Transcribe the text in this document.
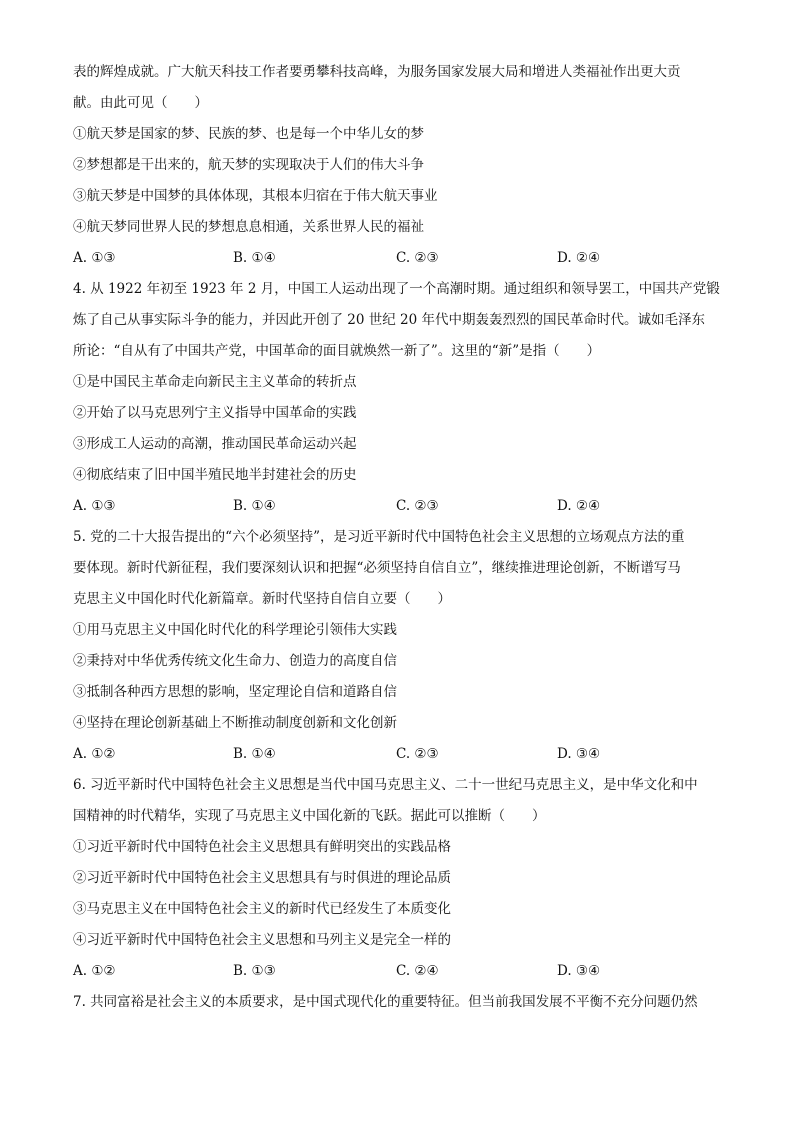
表的辉煌成就。广大航天科技工作者要勇攀科技高峰，为服务国家发展大局和增进人类福祉作出更大贡
献。由此可见（　　）
①航天梦是国家的梦、民族的梦、也是每一个中华儿女的梦
②梦想都是干出来的，航天梦的实现取决于人们的伟大斗争
③航天梦是中国梦的具体体现，其根本归宿在于伟大航天事业
④航天梦同世界人民的梦想息息相通，关系世界人民的福祉
A. ①③	B. ①④	C. ②③	D. ②④
4. 从 1922 年初至 1923 年 2 月，中国工人运动出现了一个高潮时期。通过组织和领导罢工，中国共产党锻
炼了自己从事实际斗争的能力，并因此开创了 20 世纪 20 年代中期轰轰烈烈的国民革命时代。诚如毛泽东
所论：“自从有了中国共产党，中国革命的面目就焕然一新了”。这里的“新”是指（　　）
①是中国民主革命走向新民主主义革命的转折点
②开始了以马克思列宁主义指导中国革命的实践
③形成工人运动的高潮，推动国民革命运动兴起
④彻底结束了旧中国半殖民地半封建社会的历史
A. ①③	B. ①④	C. ②③	D. ②④
5. 党的二十大报告提出的“六个必须坚持”，是习近平新时代中国特色社会主义思想的立场观点方法的重
要体现。新时代新征程，我们要深刻认识和把握“必须坚持自信自立”，继续推进理论创新，不断谱写马
克思主义中国化时代化新篇章。新时代坚持自信自立要（　　）
①用马克思主义中国化时代化的科学理论引领伟大实践
②秉持对中华优秀传统文化生命力、创造力的高度自信
③抵制各种西方思想的影响，坚定理论自信和道路自信
④坚持在理论创新基础上不断推动制度创新和文化创新
A. ①②	B. ①④	C. ②③	D. ③④
6. 习近平新时代中国特色社会主义思想是当代中国马克思主义、二十一世纪马克思主义，是中华文化和中
国精神的时代精华，实现了马克思主义中国化新的飞跃。据此可以推断（　　）
①习近平新时代中国特色社会主义思想具有鲜明突出的实践品格
②习近平新时代中国特色社会主义思想具有与时俱进的理论品质
③马克思主义在中国特色社会主义的新时代已经发生了本质变化
④习近平新时代中国特色社会主义思想和马列主义是完全一样的
A. ①②	B. ①③	C. ②④	D. ③④
7. 共同富裕是社会主义的本质要求，是中国式现代化的重要特征。但当前我国发展不平衡不充分问题仍然
